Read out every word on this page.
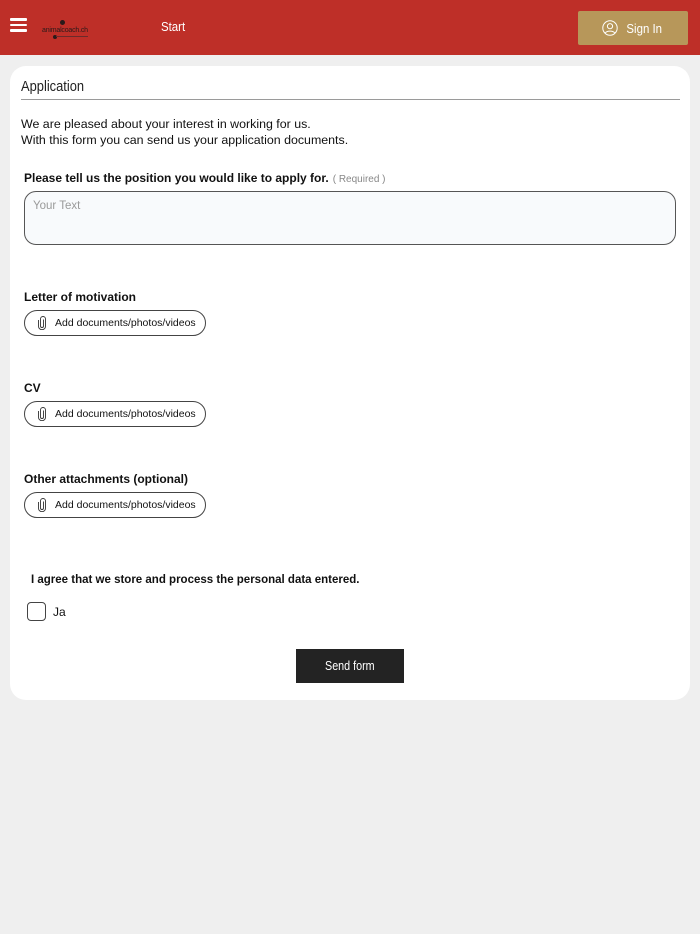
animalcoach.ch	Start	Sign In
Application
We are pleased about your interest in working for us.
With this form you can send us your application documents.
Please tell us the position you would like to apply for. ( Required )
Your Text
Letter of motivation
Add documents/photos/videos
CV
Add documents/photos/videos
Other attachments (optional)
Add documents/photos/videos
I agree that we store and process the personal data entered.
Ja
Send form
